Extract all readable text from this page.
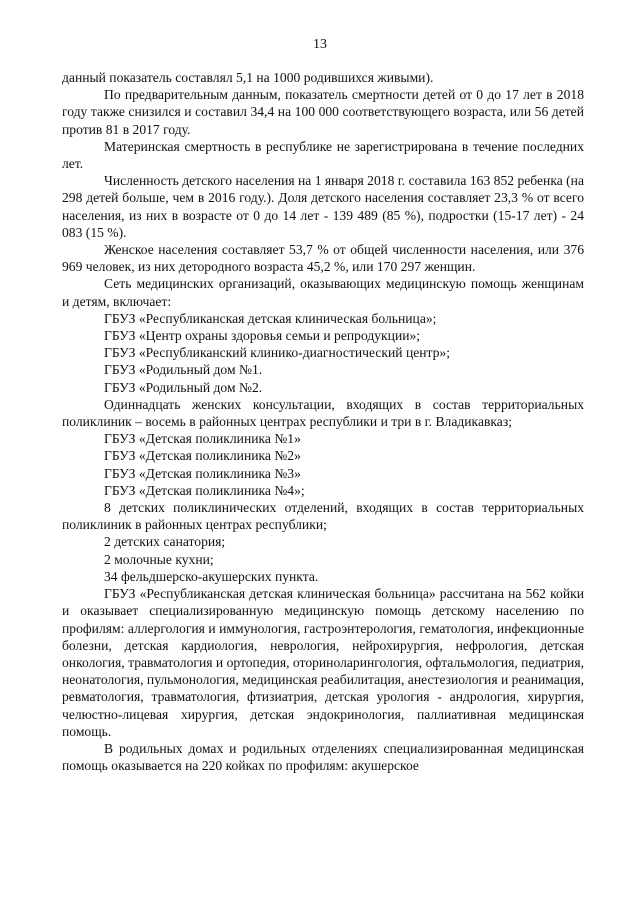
13

данный показатель составлял 5,1 на 1000 родившихся живыми).

По предварительным данным, показатель смертности детей от 0 до 17 лет в 2018 году также снизился и составил 34,4 на 100 000 соответствующего возраста, или 56 детей против 81 в 2017 году.

Материнская смертность в республике не зарегистрирована в течение последних лет.

Численность детского населения на 1 января 2018 г. составила 163 852 ребенка (на 298 детей больше, чем в 2016 году.). Доля детского населения составляет 23,3 % от всего населения, из них в возрасте от 0 до 14 лет - 139 489 (85 %), подростки (15-17 лет) - 24 083 (15 %).

Женское населения составляет 53,7 % от общей численности населения, или 376 969 человек, из них детородного возраста 45,2 %, или 170 297 женщин.

Сеть медицинских организаций, оказывающих медицинскую помощь женщинам и детям, включает:

ГБУЗ «Республиканская детская клиническая больница»;

ГБУЗ «Центр охраны здоровья семьи и репродукции»;

ГБУЗ «Республиканский клинико-диагностический центр»;

ГБУЗ «Родильный дом №1.

ГБУЗ «Родильный дом №2.

Одиннадцать женских консультации, входящих в состав территориальных поликлиник – восемь в районных центрах республики и три в г. Владикавказ;

ГБУЗ «Детская поликлиника №1»

ГБУЗ «Детская поликлиника №2»

ГБУЗ «Детская поликлиника №3»

ГБУЗ «Детская поликлиника №4»;

8 детских поликлинических отделений, входящих в состав территориальных поликлиник в районных центрах республики;

2 детских санатория;

2 молочные кухни;

34 фельдшерско-акушерских пункта.

ГБУЗ «Республиканская детская клиническая больница» рассчитана на 562 койки и оказывает специализированную медицинскую помощь детскому населению по профилям: аллергология и иммунология, гастроэнтерология, гематология, инфекционные болезни, детская кардиология, неврология, нейрохирургия, нефрология, детская онкология, травматология и ортопедия, оториноларингология, офтальмология, педиатрия, неонатология, пульмонология, медицинская реабилитация, анестезиология и реанимация, ревматология, травматология, фтизиатрия, детская урология - андрология, хирургия, челюстно-лицевая хирургия, детская эндокринология, паллиативная медицинская помощь.

В родильных домах и родильных отделениях специализированная медицинская помощь оказывается на 220 койках по профилям: акушерское
